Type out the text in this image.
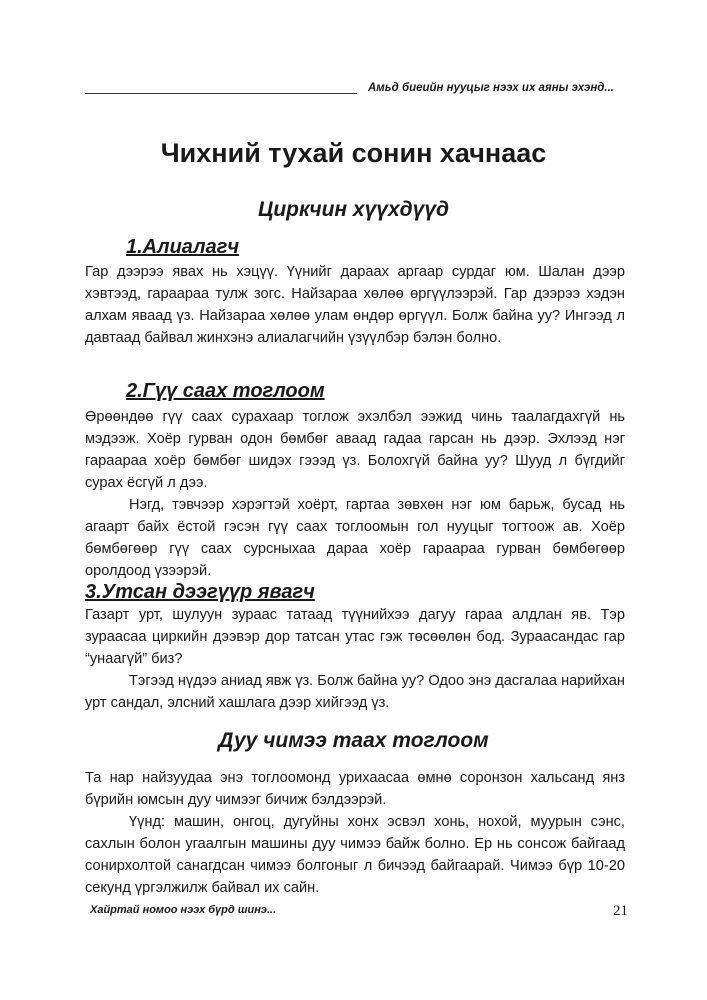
Амьд биеийн нууцыг нээх их аяны эхэнд...
Чихний тухай сонин хачнаас
Циркчин хүүхдүүд
1.Алиалагч

Гар дээрээ явах нь хэцүү. Үүнийг дараах аргаар сурдаг юм. Шалан дээр хэвтээд, гараараа тулж зогс. Найзараа хөлөө өргүүлээрэй. Гар дээрээ хэдэн алхам яваад үз. Найзараа хөлөө улам өндөр өргүүл. Болж байна уу? Ингээд л давтаад байвал жинхэнэ алиалагчийн үзүүлбэр бэлэн болно.

2.Гүү саах тоглоом

Өрөөндөө гүү саах сурахаар тоглож эхэлбэл ээжид чинь таалагдахгүй нь мэдээж. Хоёр гурван одон бөмбөг аваад гадаа гарсан нь дээр. Эхлээд нэг гараараа хоёр бөмбөг шидэх гэээд үз. Болохгүй байна уу? Шууд л бүгдийг сурах ёсгүй л дээ.

Нэгд, тэвчээр хэрэгтэй хоёрт, гартаа зөвхөн нэг юм барьж, бусад нь агаарт байх ёстой гэсэн гүү саах тоглоомын гол нууцыг тогтоож ав. Хоёр бөмбөгөөр гүү саах сурсныхаа дараа хоёр гараараа гурван бөмбөгөөр оролдоод үзээрэй.

3.Утсан дээгүүр явагч

Газарт урт, шулуун зураас татаад түүнийхээ дагуу гараа алдлан яв. Тэр зураасаа циркийн дээвэр дор татсан утас гэж төсөөлөн бод. Зураасандас гар “унаагүй” биз?

Тэгээд нүдээ аниад явж үз. Болж байна уу? Одоо энэ дасгалаа нарийхан урт сандал, элсний хашлага дээр хийгээд үз.

Дуу чимээ таах тоглоом

Та нар найзуудаа энэ тоглоомонд урихаасаа өмнө соронзон хальсанд янз бүрийн юмсын дуу чимээг бичиж бэлдээрэй.

Үүнд: машин, онгоц, дугуйны хонх эсвэл хонь, нохой, муурын сэнс, сахлын болон угаалгын машины дуу чимээ байж болно. Ер нь сонсож байгаад сонирхолтой санагдсан чимээ болгоныг л бичээд байгаарай. Чимээ бүр 10-20 секунд үргэлжилж байвал их сайн.

Хайртай номоо нээх бүрд шинэ...	21
